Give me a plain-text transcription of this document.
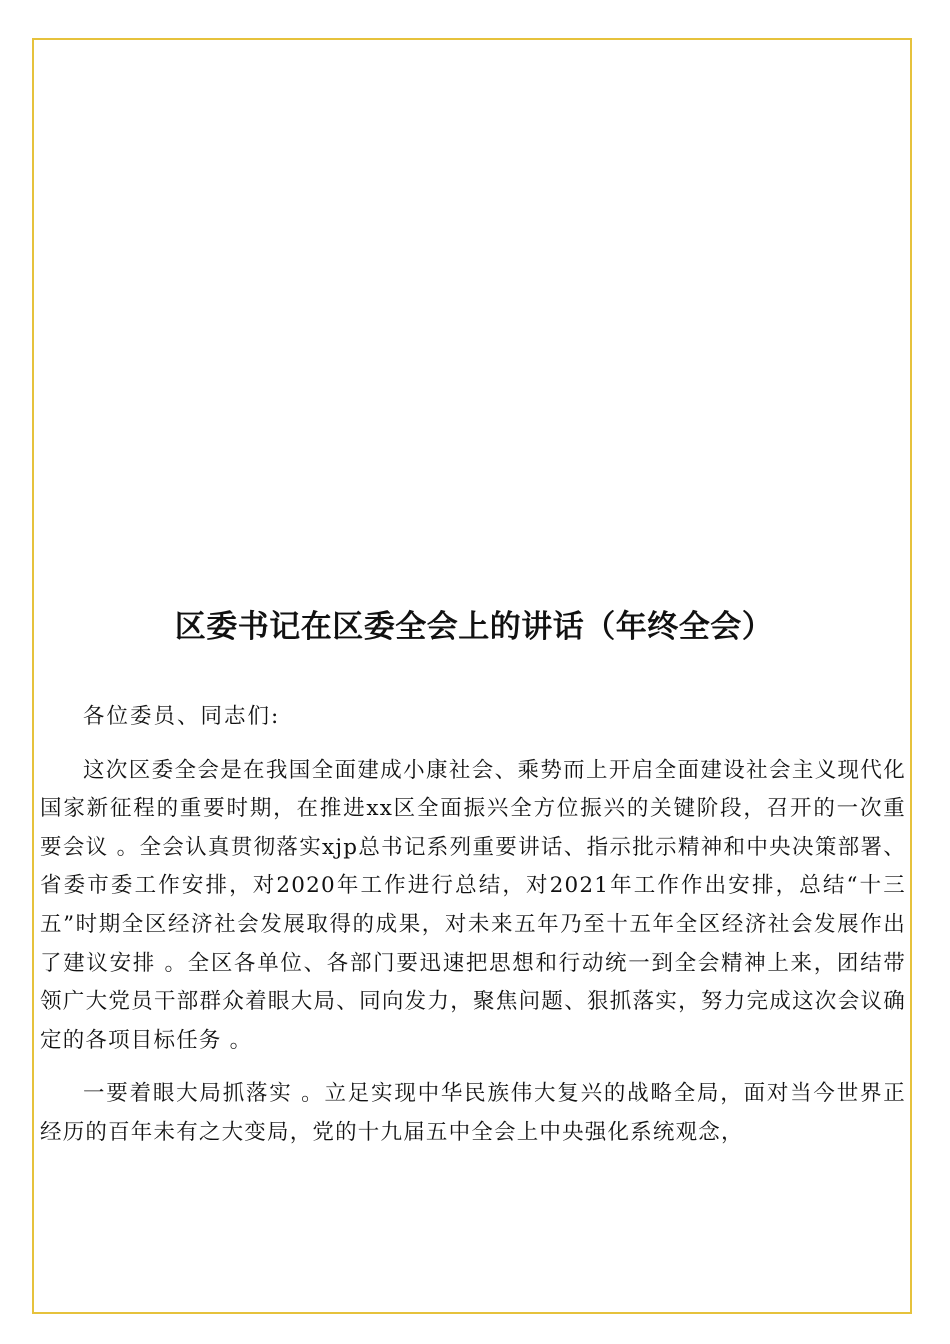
区委书记在区委全会上的讲话（年终全会）

各位委员、同志们:

这次区委全会是在我国全面建成小康社会、乘势而上开启全面建设社会主义现代化国家新征程的重要时期，在推进xx区全面振兴全方位振兴的关键阶段，召开的一次重要会议 。全会认真贯彻落实xjp总书记系列重要讲话、指示批示精神和中央决策部署、省委市委工作安排，对2020年工作进行总结，对2021年工作作出安排，总结“十三五”时期全区经济社会发展取得的成果，对未来五年乃至十五年全区经济社会发展作出了建议安排 。全区各单位、各部门要迅速把思想和行动统一到全会精神上来，团结带领广大党员干部群众着眼大局、同向发力，聚焦问题、狠抓落实，努力完成这次会议确定的各项目标任务 。

一要着眼大局抓落实 。立足实现中华民族伟大复兴的战略全局，面对当今世界正经历的百年未有之大变局，党的十九届五中全会上中央强化系统观念，
